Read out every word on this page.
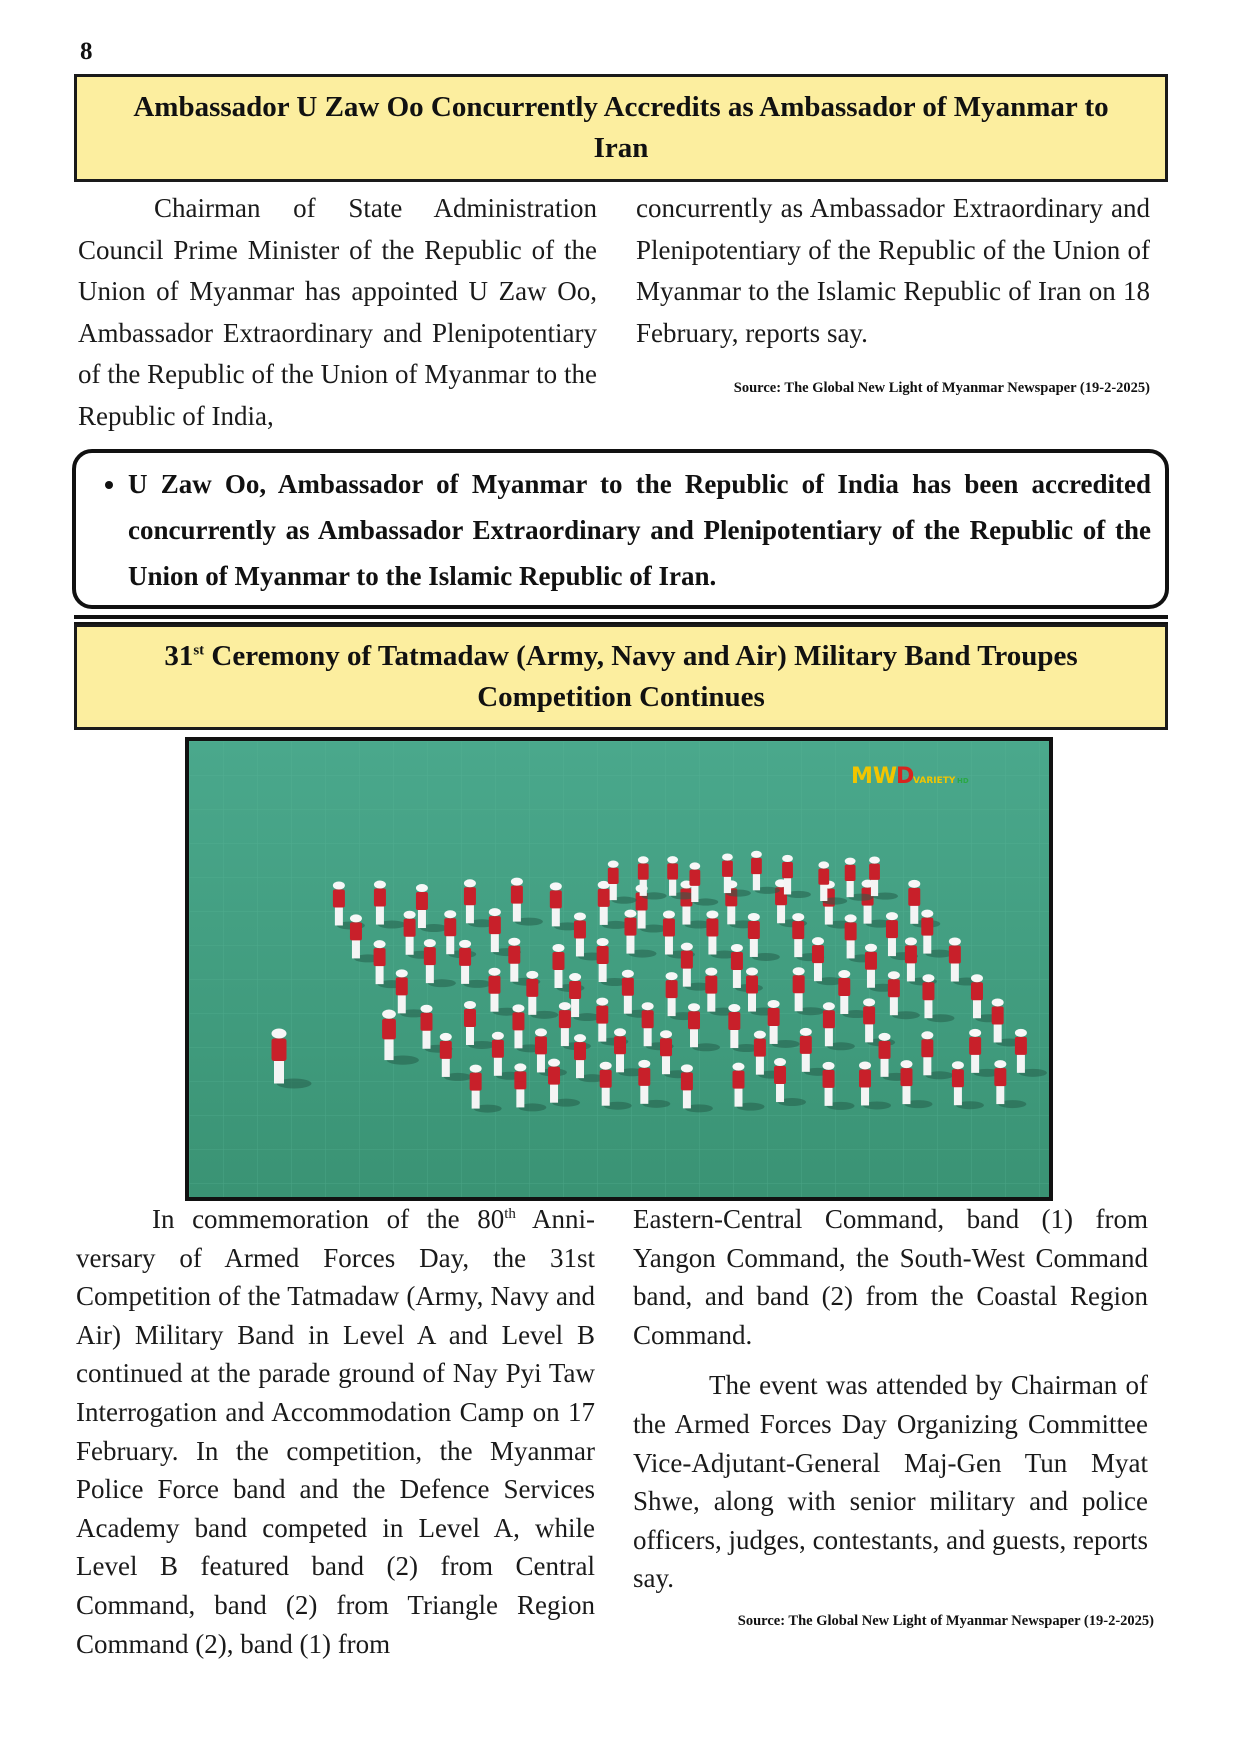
8
Ambassador U Zaw Oo Concurrently Accredits as Ambassador of Myanmar to
Iran

Chairman of State Administration Council Prime Minister of the Republic of the Union of Myanmar has appointed U Zaw Oo, Ambassador Extraordinary and Plenipotentiary of the Republic of the Union of Myanmar to the Republic of India,

concurrently as Ambassador Extraordinary and Plenipotentiary of the Republic of the Union of Myanmar to the Islamic Republic of Iran on 18 February, reports say.

Source: The Global New Light of Myanmar Newspaper (19-2-2025)
• U Zaw Oo, Ambassador of Myanmar to the Republic of India has been accredited concurrently as Ambassador Extraordinary and Plenipotentiary of the Republic of the Union of Myanmar to the Islamic Republic of Iran.
31st Ceremony of Tatmadaw (Army, Navy and Air) Military Band Troupes
Competition Continues
MW
D
VARIETY HD

In commemoration of the 80th Anniversary of Armed Forces Day, the 31st Competition of the Tatmadaw (Army, Navy and Air) Military Band in Level A and Level B continued at the parade ground of Nay Pyi Taw Interrogation and Accommodation Camp on 17 February. In the competition, the Myanmar Police Force band and the Defence Services Academy band competed in Level A, while Level B featured band (2) from Central Command, band (2) from Triangle Region Command (2), band (1) from

Eastern-Central Command, band (1) from Yangon Command, the South-West Command band, and band (2) from the Coastal Region Command.

The event was attended by Chairman of the Armed Forces Day Organizing Committee Vice-Adjutant-General Maj-Gen Tun Myat Shwe, along with senior military and police officers, judges, contestants, and guests, reports say.

Source: The Global New Light of Myanmar Newspaper (19-2-2025)
